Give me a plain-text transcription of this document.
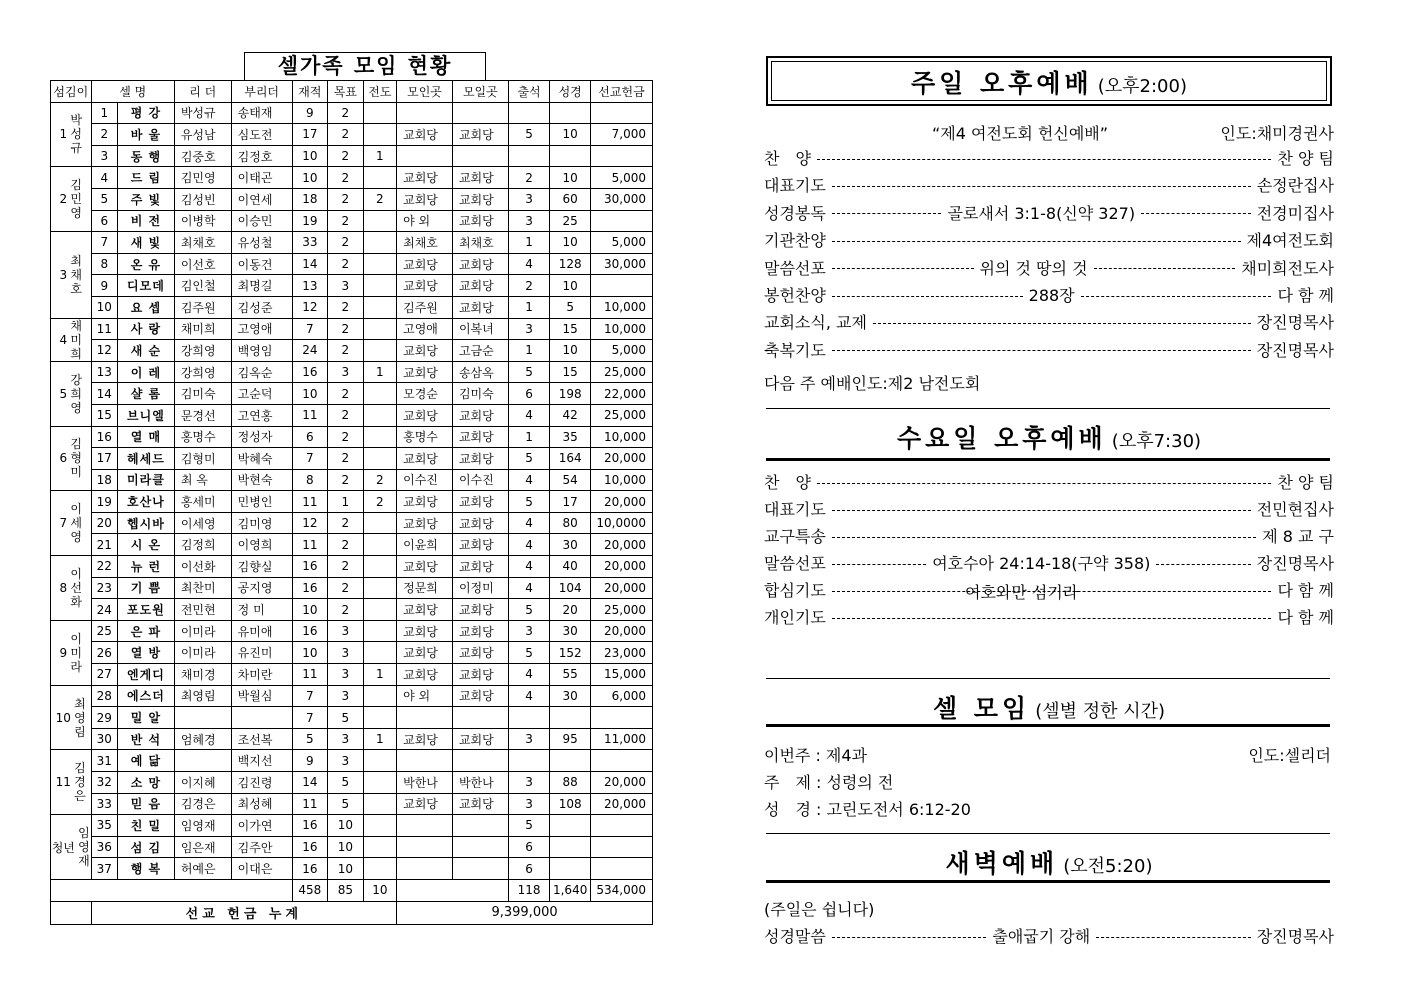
셀가족 모임 현황
섬김이	셀 명		리 더	부리더	재적	목표	전도	모인곳	모일곳	출석	성경	선교헌금

1
박성규	1	평 강	박성규	송태재	9	2						
	2	바 울	유성남	심도전	17	2		교회당	교회당	5	10	7,000
	3	동 행	김중호	김정호	10	2	1					

2
김민영	4	드 림	김민영	이태곤	10	2		교회당	교회당	2	10	5,000
	5	주 빛	김성빈	이연세	18	2	2	교회당	교회당	3	60	30,000
	6	비 전	이병학	이승민	19	2		야 외	교회당	3	25	

3
최채호	7	새 빛	최채호	유성철	33	2		최채호	최채호	1	10	5,000
	8	온 유	이선호	이동건	14	2		교회당	교회당	4	128	30,000
	9	디모데	김인철	최명길	13	3		교회당	교회당	2	10	
	10	요 셉	김주원	김성준	12	2		김주원	교회당	1	5	10,000

4
채미희	11	사 랑	채미희	고영애	7	2		고영애	이복녀	3	15	10,000
	12	새 순	강희영	백영임	24	2		교회당	고금순	1	10	5,000

5
강희영	13	이 레	강희영	김옥순	16	3	1	교회당	송삼옥	5	15	25,000
	14	샬 롬	김미숙	고순덕	10	2		모경순	김미숙	6	198	22,000
	15	브니엘	문경선	고연홍	11	2		교회당	교회당	4	42	25,000

6
김형미	16	열 매	홍명수	정성자	6	2		홍명수	교회당	1	35	10,000
	17	헤세드	김형미	박혜숙	7	2		교회당	교회당	5	164	20,000
	18	미라클	최 옥	박현숙	8	2	2	이수진	이수진	4	54	10,000

7
이세영	19	호산나	홍세미	민병인	11	1	2	교회당	교회당	5	17	20,000
	20	헵시바	이세영	김미영	12	2		교회당	교회당	4	80	10,0000
	21	시 온	김정희	이영희	11	2		이윤희	교회당	4	30	20,000

8
이선화	22	뉴 런	이선화	김향실	16	2		교회당	교회당	4	40	20,000
	23	기 쁨	최찬미	공지영	16	2		정문희	이정미	4	104	20,000
	24	포도원	전민현	정 미	10	2		교회당	교회당	5	20	25,000

9
이미라	25	은 파	이미라	유미애	16	3		교회당	교회당	3	30	20,000
	26	열 방	이미라	유진미	10	3		교회당	교회당	5	152	23,000
	27	엔게디	채미경	차미란	11	3	1	교회당	교회당	4	55	15,000

10
최영림	28	에스더	최영림	박월심	7	3		야 외	교회당	4	30	6,000
	29	밀 알			7	5						
	30	반 석	엄혜경	조선복	5	3	1	교회당	교회당	3	95	11,000

11
김경은	31	예 닮		백지선	9	3						
	32	소 망	이지혜	김진령	14	5		박한나	박한나	3	88	20,000
	33	믿 음	김경은	최성혜	11	5		교회당	교회당	3	108	20,000

청년
임영재	35	친 밀	임영재	이가연	16	10				5		
	36	섬 김	임은재	김주안	16	10				6		
	37	행 복	허예은	이대은	16	10				6		
					458	85	10			118	1,640	534,000
	선교 헌금 누계							9,399,000				
주일 오후예배 (오후2:00)
“제4 여전도회 헌신예배”	인도:채미경권사
찬　양	찬 양 팀
대표기도	손정란집사
성경봉독	골로새서 3:1-8(신약 327)	전경미집사
기관찬양	제4여전도회
말씀선포	위의 것 땅의 것	채미희전도사
봉헌찬양	288장	다 함 께
교회소식, 교제	장진명목사
축복기도	장진명목사
다음 주 예배인도:제2 남전도회
수요일 오후예배 (오후7:30)
찬　양	찬 양 팀
대표기도	전민현집사
교구특송	제 8 교 구
말씀선포	여호수아 24:14-18(구약 358)	장진명목사
합심기도	다 함 께
개인기도	다 함 께
여호와만 섬기라
셀 모임 (셀별 정한 시간)
이번주 : 제4과	인도:셀리더
주　제 : 성령의 전
성　경 : 고린도전서 6:12-20
새벽예배 (오전5:20)
(주일은 쉽니다)
성경말씀	출애굽기 강해	장진명목사
